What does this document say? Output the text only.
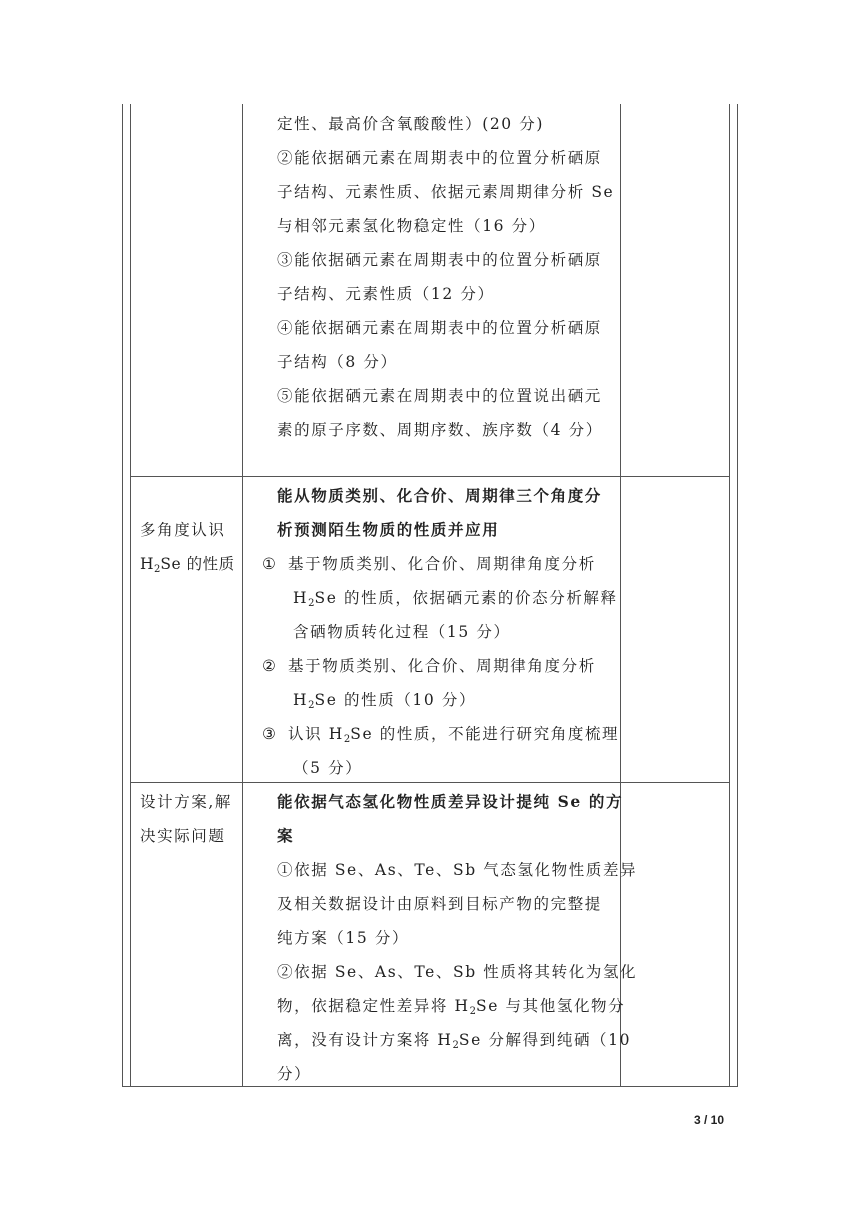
定性、最高价含氧酸酸性）(20 分)
②能依据硒元素在周期表中的位置分析硒原
子结构、元素性质、依据元素周期律分析 Se
与相邻元素氢化物稳定性（16 分）
③能依据硒元素在周期表中的位置分析硒原
子结构、元素性质（12 分）
④能依据硒元素在周期表中的位置分析硒原
子结构（8 分）
⑤能依据硒元素在周期表中的位置说出硒元
素的原子序数、周期序数、族序数（4 分）
多角度认识
$H_2Se$ 的性质
能从物质类别、化合价、周期律三个角度分
析预测陌生物质的性质并应用
① 基于物质类别、化合价、周期律角度分析
$H_2Se$ 的性质，依据硒元素的价态分析解释
含硒物质转化过程（15 分）
② 基于物质类别、化合价、周期律角度分析
$H_2Se$ 的性质（10 分）
③ 认识 $H_2Se$ 的性质，不能进行研究角度梳理
（5 分）
设计方案,解
决实际问题
能依据气态氢化物性质差异设计提纯 Se 的方
案
①依据 Se、As、Te、Sb 气态氢化物性质差异
及相关数据设计由原料到目标产物的完整提
纯方案（15 分）
②依据 Se、As、Te、Sb 性质将其转化为氢化
物，依据稳定性差异将 $H_2Se$ 与其他氢化物分
离，没有设计方案将 $H_2Se$ 分解得到纯硒（10
分）
3 / 10
